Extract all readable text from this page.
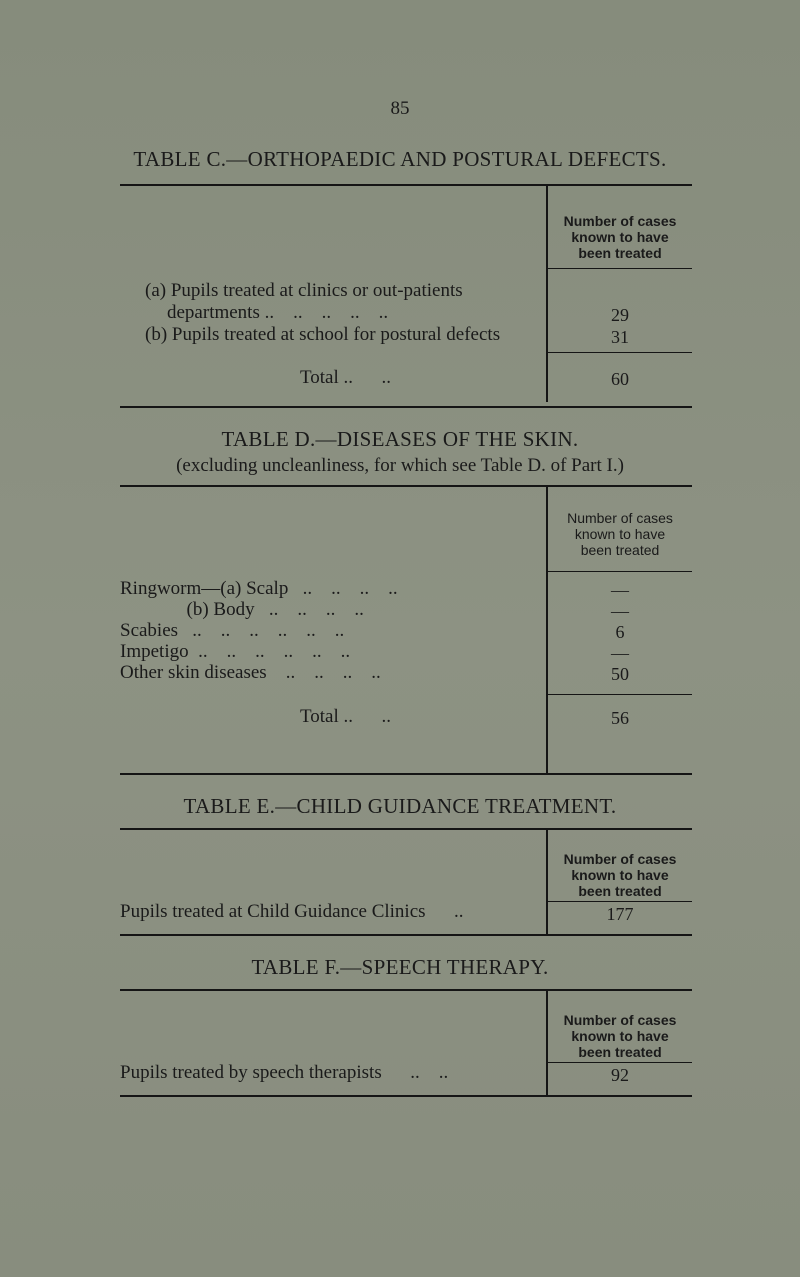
85
TABLE C.—ORTHOPAEDIC AND POSTURAL DEFECTS.
Number of cases
known to have
been treated
(a) Pupils treated at clinics or out-patients
departments ..    ..    ..    ..    ..	29
(b) Pupils treated at school for postural defects	31
Total ..      ..	60
TABLE D.—DISEASES OF THE SKIN.
(excluding uncleanliness, for which see Table D. of Part I.)
Number of cases
known to have
been treated
Ringworm—(a) Scalp   ..    ..    ..    ..	—
(b) Body   ..    ..    ..    ..	—
Scabies   ..    ..    ..    ..    ..    ..	6
Impetigo  ..    ..    ..    ..    ..    ..	—
Other skin diseases    ..    ..    ..    ..	50
Total ..      ..	56
TABLE E.—CHILD GUIDANCE TREATMENT.
Number of cases
known to have
been treated
Pupils treated at Child Guidance Clinics      ..	177
TABLE F.—SPEECH THERAPY.
Number of cases
known to have
been treated
Pupils treated by speech therapists      ..    ..	92
